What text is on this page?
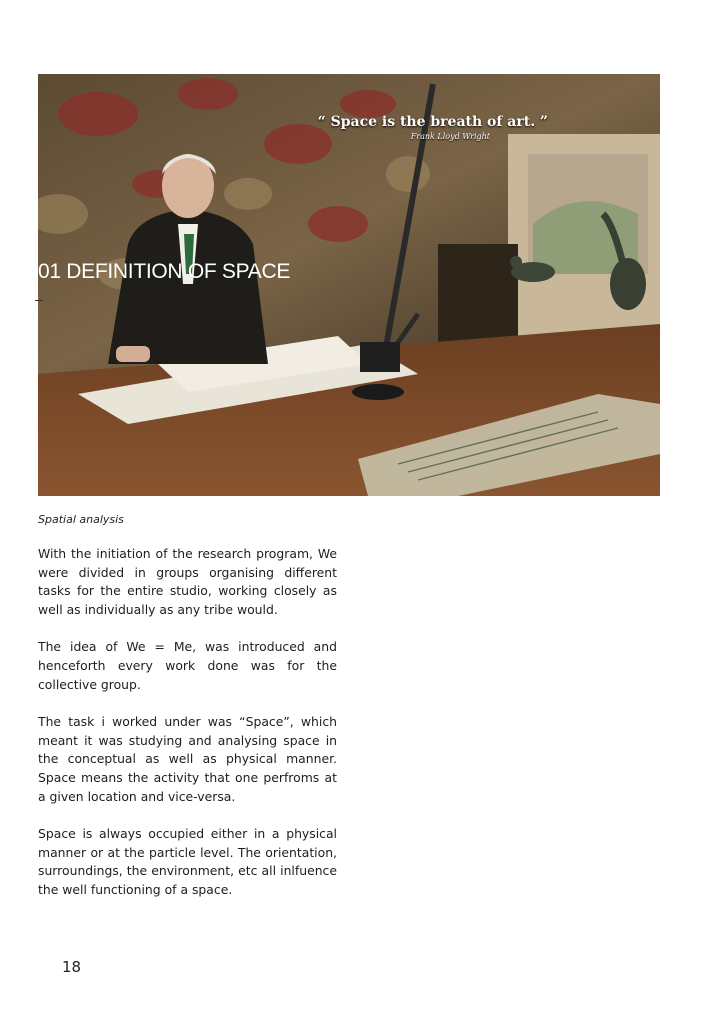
“ Space is the breath of art. ”
Frank Lloyd Wright
01 DEFINITION OF SPACE
Spatial analysis

With the initiation of the research program, We were divided in groups organising different tasks for the entire studio, working closely as well as individually as any tribe would.

The idea of We = Me, was introduced and henceforth every work done was for the collective group.

The task i worked under was “Space”, which meant it was studying and analysing space in the conceptual as well as physical manner. Space means the activity that one perfroms at a given location and vice-versa.

Space is always occupied either in a physical manner or at the particle level. The orientation, surroundings, the environment, etc all inlfuence the well functioning of a space.

18
